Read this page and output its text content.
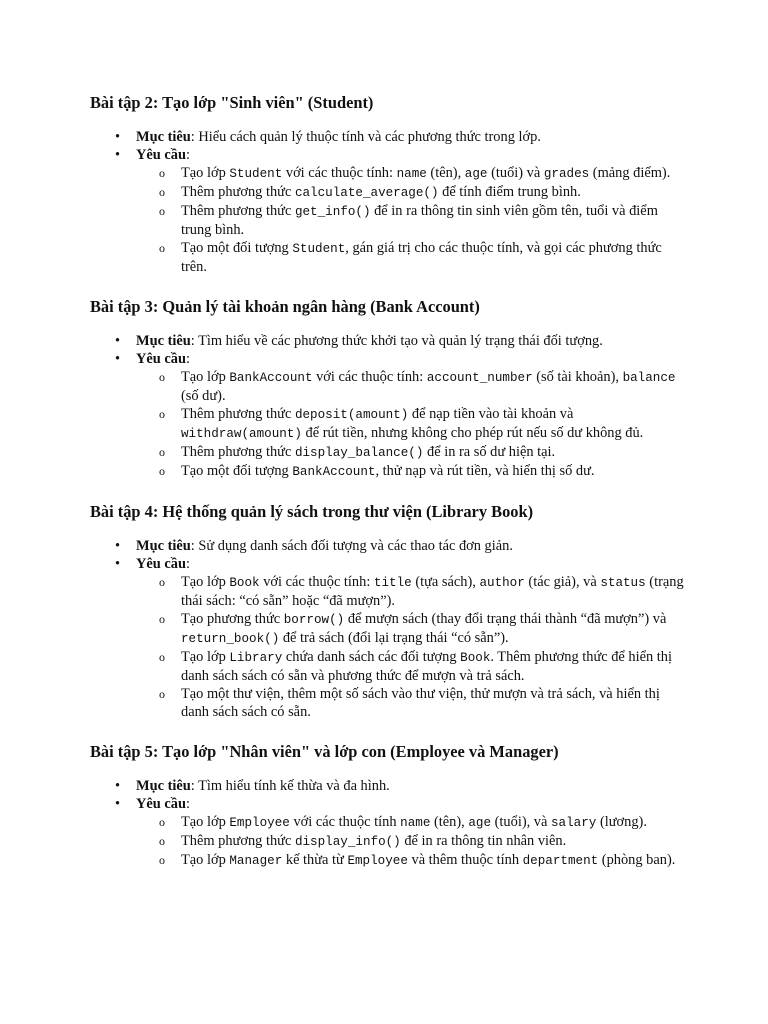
Bài tập 2: Tạo lớp "Sinh viên" (Student)
• Mục tiêu: Hiểu cách quản lý thuộc tính và các phương thức trong lớp.
• Yêu cầu:
o Tạo lớp Student với các thuộc tính: name (tên), age (tuổi) và grades (mảng điểm).
o Thêm phương thức calculate_average() để tính điểm trung bình.
o Thêm phương thức get_info() để in ra thông tin sinh viên gồm tên, tuổi và điểm trung bình.
o Tạo một đối tượng Student, gán giá trị cho các thuộc tính, và gọi các phương thức trên.
Bài tập 3: Quản lý tài khoản ngân hàng (Bank Account)
• Mục tiêu: Tìm hiểu về các phương thức khởi tạo và quản lý trạng thái đối tượng.
• Yêu cầu:
o Tạo lớp BankAccount với các thuộc tính: account_number (số tài khoản), balance (số dư).
o Thêm phương thức deposit(amount) để nạp tiền vào tài khoản và withdraw(amount) để rút tiền, nhưng không cho phép rút nếu số dư không đủ.
o Thêm phương thức display_balance() để in ra số dư hiện tại.
o Tạo một đối tượng BankAccount, thử nạp và rút tiền, và hiển thị số dư.
Bài tập 4: Hệ thống quản lý sách trong thư viện (Library Book)
• Mục tiêu: Sử dụng danh sách đối tượng và các thao tác đơn giản.
• Yêu cầu:
o Tạo lớp Book với các thuộc tính: title (tựa sách), author (tác giả), và status (trạng thái sách: “có sẵn” hoặc “đã mượn”).
o Tạo phương thức borrow() để mượn sách (thay đổi trạng thái thành “đã mượn”) và return_book() để trả sách (đổi lại trạng thái “có sẵn”).
o Tạo lớp Library chứa danh sách các đối tượng Book. Thêm phương thức để hiển thị danh sách sách có sẵn và phương thức để mượn và trả sách.
o Tạo một thư viện, thêm một số sách vào thư viện, thử mượn và trả sách, và hiển thị danh sách sách có sẵn.
Bài tập 5: Tạo lớp "Nhân viên" và lớp con (Employee và Manager)
• Mục tiêu: Tìm hiểu tính kế thừa và đa hình.
• Yêu cầu:
o Tạo lớp Employee với các thuộc tính name (tên), age (tuổi), và salary (lương).
o Thêm phương thức display_info() để in ra thông tin nhân viên.
o Tạo lớp Manager kế thừa từ Employee và thêm thuộc tính department (phòng ban).
